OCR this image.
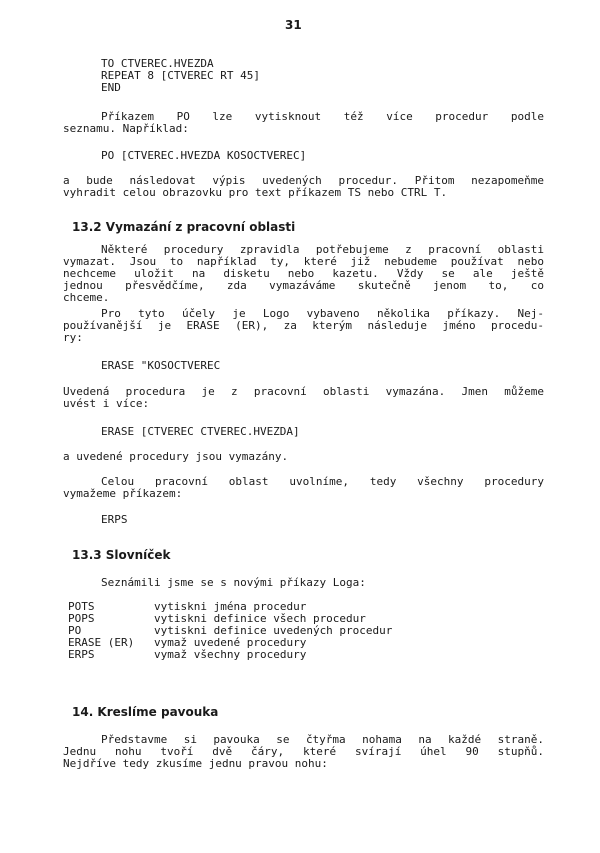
31
TO CTVEREC.HVEZDA
REPEAT 8 [CTVEREC RT 45]
END
Příkazem PO lze vytisknout též více procedur podle
seznamu. Například:
PO [CTVEREC.HVEZDA KOSOCTVEREC]
a bude následovat výpis uvedených procedur. Přitom nezapomeňme
vyhradit celou obrazovku pro text příkazem TS nebo CTRL T.
13.2 Vymazání z pracovní oblasti
Některé procedury zpravidla potřebujeme z pracovní oblasti
vymazat. Jsou to například ty, které již nebudeme používat nebo
nechceme uložit na disketu nebo kazetu. Vždy se ale ještě
jednou přesvědčíme, zda vymazáváme skutečně jenom to, co
chceme.
Pro tyto účely je Logo vybaveno několika příkazy. Nej-
používanější je ERASE (ER), za kterým následuje jméno procedu-
ry:
ERASE "KOSOCTVEREC
Uvedená procedura je z pracovní oblasti vymazána. Jmen můžeme
uvést i více:
ERASE [CTVEREC CTVEREC.HVEZDA]
a uvedené procedury jsou vymazány.
Celou pracovní oblast uvolníme, tedy všechny procedury
vymažeme příkazem:
ERPS
13.3 Slovníček
Seznámili jsme se s novými příkazy Loga:
POTS	vytiskni jména procedur
POPS	vytiskni definice všech procedur
PO	vytiskni definice uvedených procedur
ERASE (ER)	vymaž uvedené procedury
ERPS	vymaž všechny procedury
14. Kreslíme pavouka
Představme si pavouka se čtyřma nohama na každé straně.
Jednu nohu tvoří dvě čáry, které svírají úhel 90 stupňů.
Nejdříve tedy zkusíme jednu pravou nohu:
